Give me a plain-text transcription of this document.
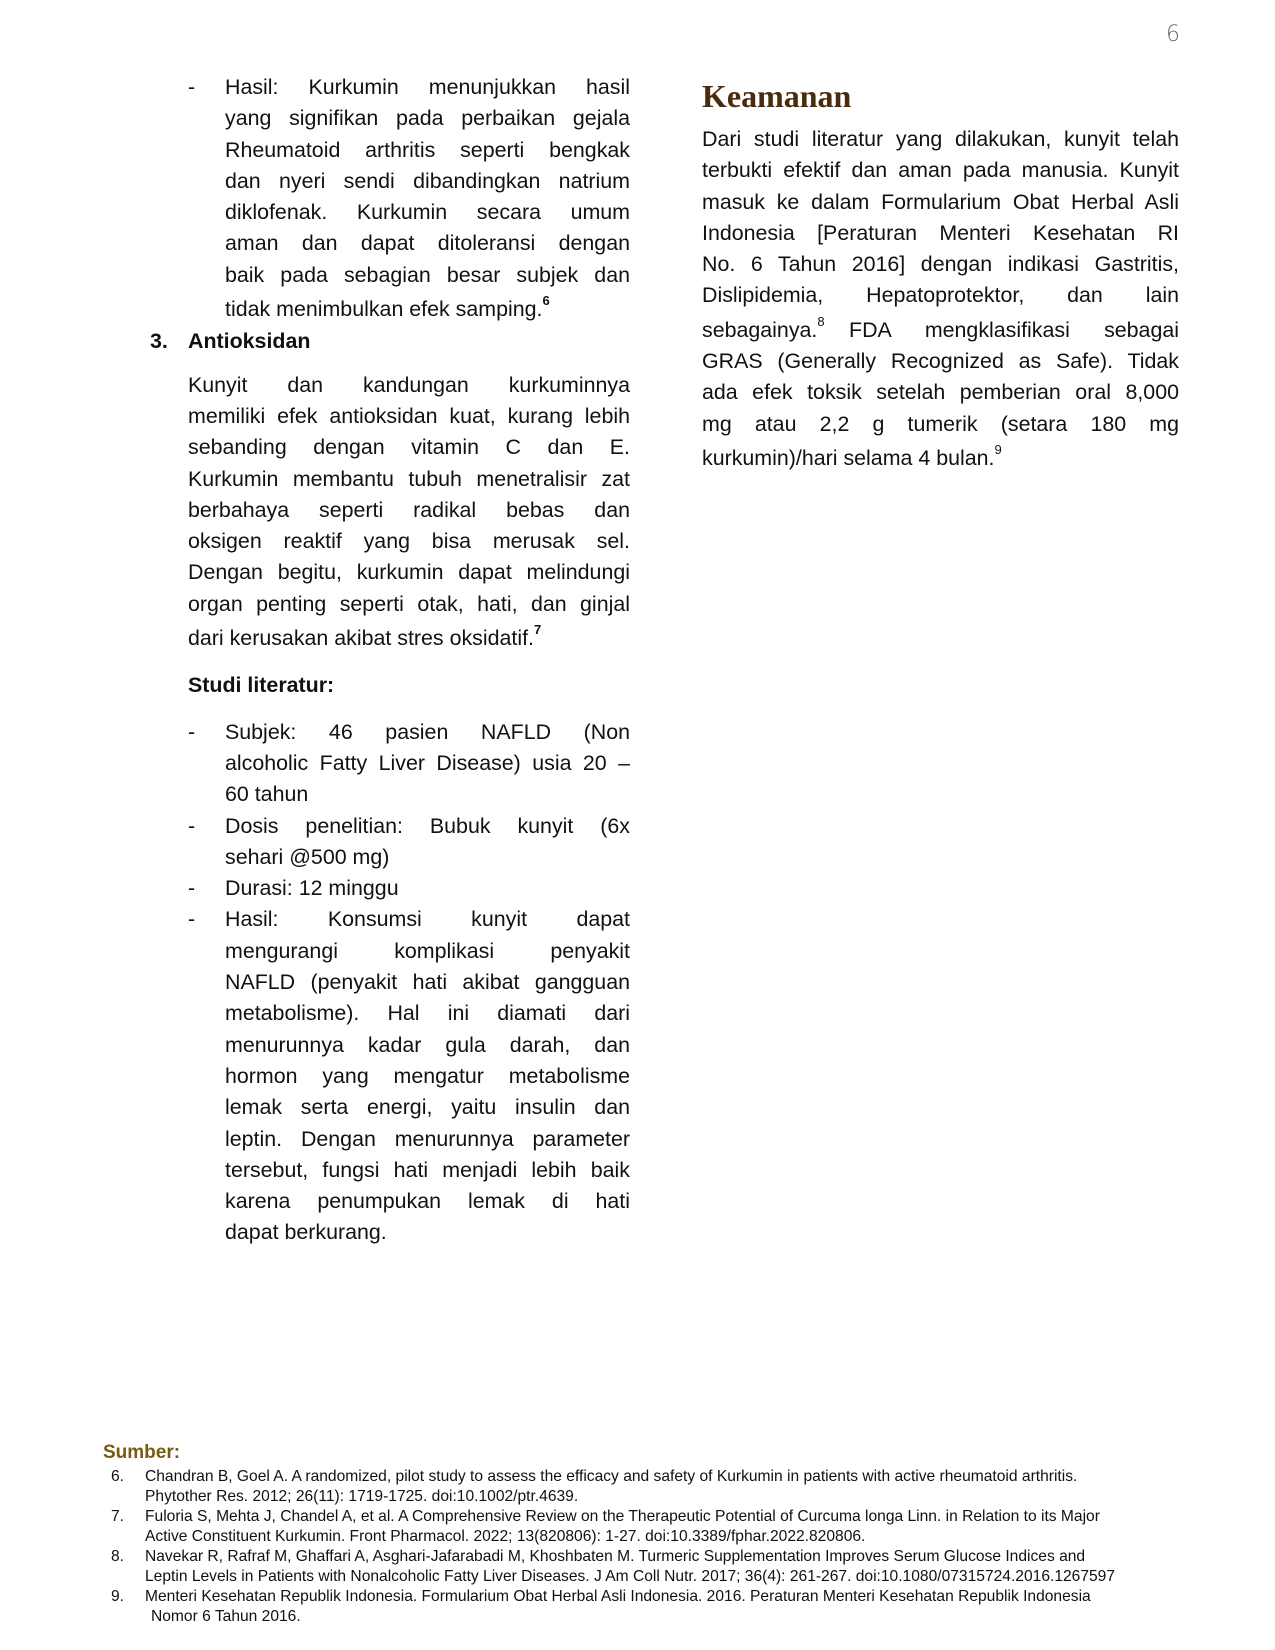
6
- Hasil: Kurkumin menunjukkan hasil
yang signifikan pada perbaikan gejala
Rheumatoid arthritis seperti bengkak
dan nyeri sendi dibandingkan natrium
diklofenak. Kurkumin secara umum
aman dan dapat ditoleransi dengan
baik pada sebagian besar subjek dan
tidak menimbulkan efek samping.$^6$
3. Antioksidan
Kunyit dan kandungan kurkuminnya
memiliki efek antioksidan kuat, kurang lebih
sebanding dengan vitamin C dan E.
Kurkumin membantu tubuh menetralisir zat
berbahaya seperti radikal bebas dan
oksigen reaktif yang bisa merusak sel.
Dengan begitu, kurkumin dapat melindungi
organ penting seperti otak, hati, dan ginjal
dari kerusakan akibat stres oksidatif.$^7$
Studi literatur:
- Subjek: 46 pasien NAFLD (Non
alcoholic Fatty Liver Disease) usia 20 –
60 tahun
- Dosis penelitian: Bubuk kunyit (6x
sehari @500 mg)
- Durasi: 12 minggu
- Hasil: Konsumsi kunyit dapat
mengurangi komplikasi penyakit
NAFLD (penyakit hati akibat gangguan
metabolisme). Hal ini diamati dari
menurunnya kadar gula darah, dan
hormon yang mengatur metabolisme
lemak serta energi, yaitu insulin dan
leptin. Dengan menurunnya parameter
tersebut, fungsi hati menjadi lebih baik
karena penumpukan lemak di hati
dapat berkurang.
Keamanan
Dari studi literatur yang dilakukan, kunyit telah
terbukti efektif dan aman pada manusia. Kunyit
masuk ke dalam Formularium Obat Herbal Asli
Indonesia [Peraturan Menteri Kesehatan RI
No. 6 Tahun 2016] dengan indikasi Gastritis,
Dislipidemia, Hepatoprotektor, dan lain
sebagainya.$^8$ FDA mengklasifikasi sebagai
GRAS (Generally Recognized as Safe). Tidak
ada efek toksik setelah pemberian oral 8,000
mg atau 2,2 g tumerik (setara 180 mg
kurkumin)/hari selama 4 bulan.$^9$
Sumber:
6. Chandran B, Goel A. A randomized, pilot study to assess the efficacy and safety of Kurkumin in patients with active rheumatoid arthritis.
Phytother Res. 2012; 26(11): 1719-1725. doi:10.1002/ptr.4639.
7. Fuloria S, Mehta J, Chandel A, et al. A Comprehensive Review on the Therapeutic Potential of Curcuma longa Linn. in Relation to its Major
Active Constituent Kurkumin. Front Pharmacol. 2022; 13(820806): 1-27. doi:10.3389/fphar.2022.820806.
8. Navekar R, Rafraf M, Ghaffari A, Asghari-Jafarabadi M, Khoshbaten M. Turmeric Supplementation Improves Serum Glucose Indices and
Leptin Levels in Patients with Nonalcoholic Fatty Liver Diseases. J Am Coll Nutr. 2017; 36(4): 261-267. doi:10.1080/07315724.2016.1267597
9. Menteri Kesehatan Republik Indonesia. Formularium Obat Herbal Asli Indonesia. 2016. Peraturan Menteri Kesehatan Republik Indonesia
Nomor 6 Tahun 2016.
